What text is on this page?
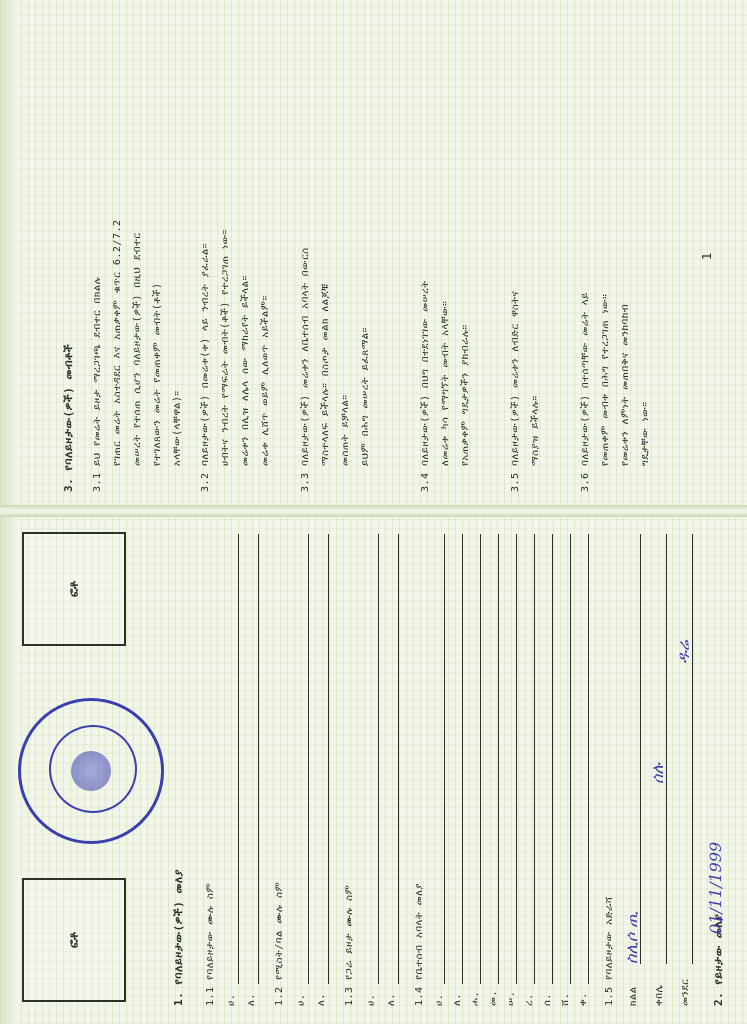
ፎቶ
ፎቶ
1. የባለይዞታው(ዎች) መለያ 1.1 የባለይዞታው ሙሉ ስም
ሀ. ለ. 1.2 የሚስት/ባል ሙሉ ስም
ሀ. ለ. 1.3 የጋራ ይዞታ ሙሉ ስም
ሀ. ለ. 1.4 የቤተሰብ አባላት መለያ
ሀ. ለ. ሐ. መ. ሠ. ረ. ሰ. ሸ. ቀ. 1.5 የባለይዞታው አድራሻ
ክልል ቀበሌ መንደር 2. የይዞታው መለያ
ስሊሶ ጢ
ሰሉ
ዱሬ
01/11/1999
3. የባለይዞታው(ዎች) መብቶች 3.1 ይህ የመሬት ይዞታ ማረጋገጫ ደብተር በክልሉ የገጠር መሬት አስተዳደር እና አጠቃቀም ቁጥር 6.2/7.2 መሠረት የተሰጠ ሲሆን ባለይዞታው(ዎች) በዚህ ደብተር የተገለጸውን መሬት የመጠቀም መብት(ቶች) አላቸው(ላቸዋል)።
3.2 ባለይዞታው(ዎች) በመሬቱ(ቱ) ላይ ንብረት ያፈራል። ሀብትና ንብረት የማፍራት መብት(ቶች) የተረጋገጠ ነው። መሬቱን በሊዝ ለሌላ ሰው ማከራየት ይችላል። መሬቱ ሊሸጥ ወይም ሊለወጥ አይችልም።
3.3 ባለይዞታው(ዎች) መሬቱን ለቤተሰብ አባላት በውርስ ማስተላለፍ ይችላሉ። በስጦታ መልክ ለልጆቹ መስጠት ይቻላል። ይህም በሕግ መሠረት ይፈጸማል።
3.4 ባለይዞታው(ዎች) በህግ በተደነገገው መሠረት ለመሬቱ ካሳ የማግኘት መብት አላቸው። የአጠቃቀም ግዴታዎችን ያከብራሉ።
3.5 ባለይዞታው(ዎች) መሬቱን ለብድር ዋስትና ማስያዝ ይችላሉ።
3.6 ባለይዞታው(ዎች) በተሰጣቸው መሬት ላይ የመጠቀም መብቱ በሕግ የተረጋገጠ ነው። የመሬቱን ለምነት መጠበቅና መንከባከብ ግዴታቸው ነው።
1
